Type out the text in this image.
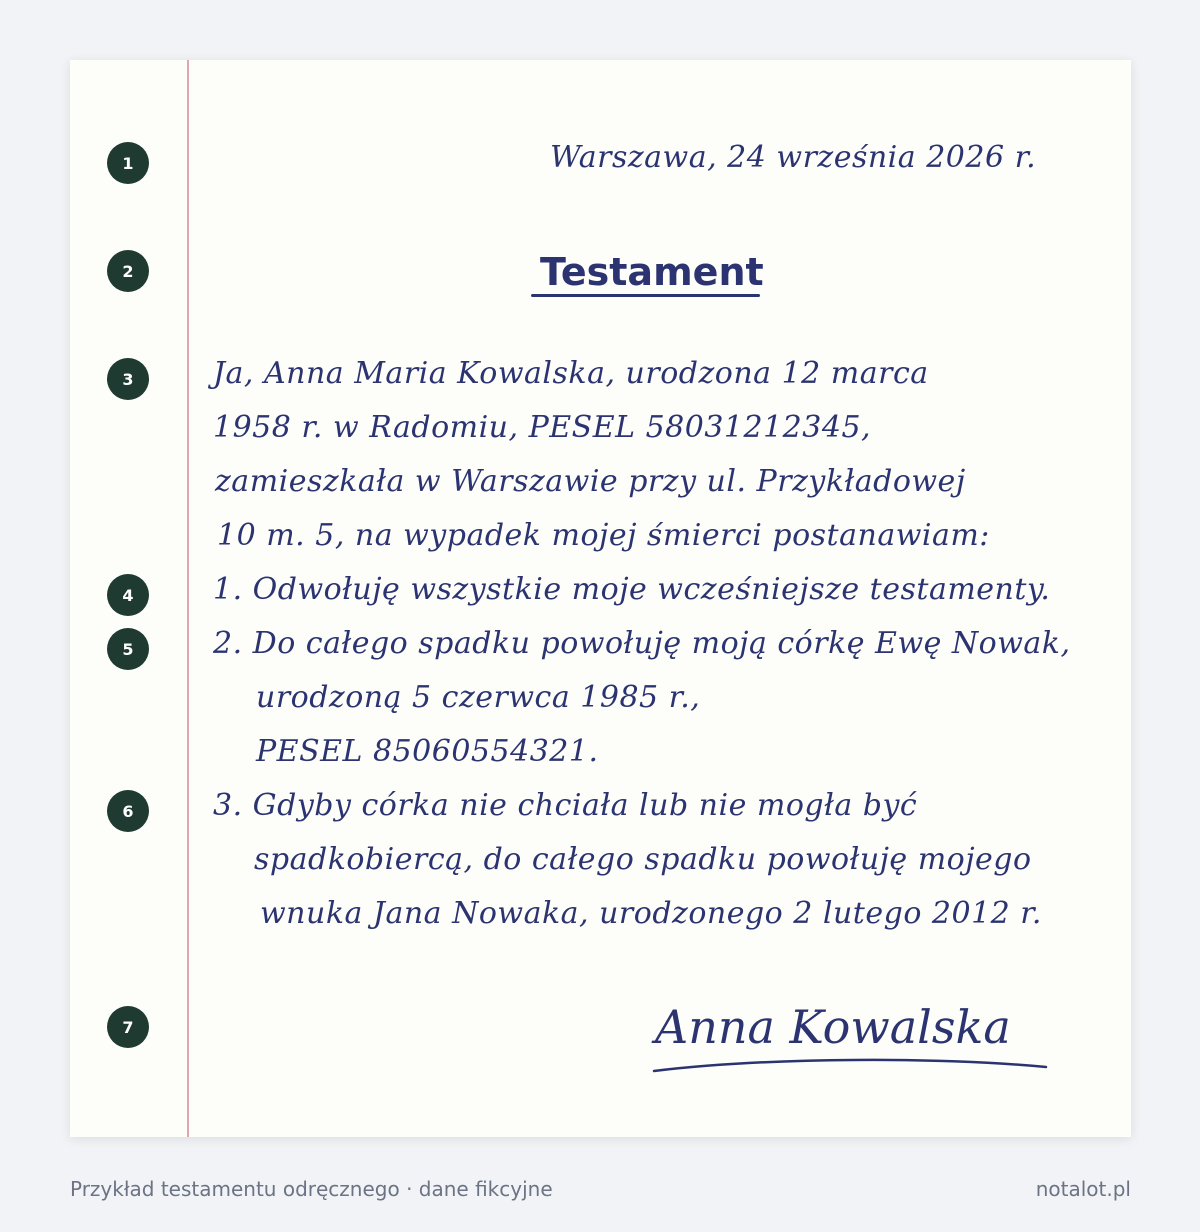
1
2
3
4
5
6
7
Warszawa, 24 września 2026 r.
Testament
Ja, Anna Maria Kowalska, urodzona 12 marca
1958 r. w Radomiu, PESEL 58031212345,
zamieszkała w Warszawie przy ul. Przykładowej
10 m. 5, na wypadek mojej śmierci postanawiam:
1. Odwołuję wszystkie moje wcześniejsze testamenty.
2. Do całego spadku powołuję moją córkę Ewę Nowak,
urodzoną 5 czerwca 1985 r.,
PESEL 85060554321.
3. Gdyby córka nie chciała lub nie mogła być
spadkobiercą, do całego spadku powołuję mojego
wnuka Jana Nowaka, urodzonego 2 lutego 2012 r.
Anna Kowalska
Przykład testamentu odręcznego · dane fikcyjne	notalot.pl
